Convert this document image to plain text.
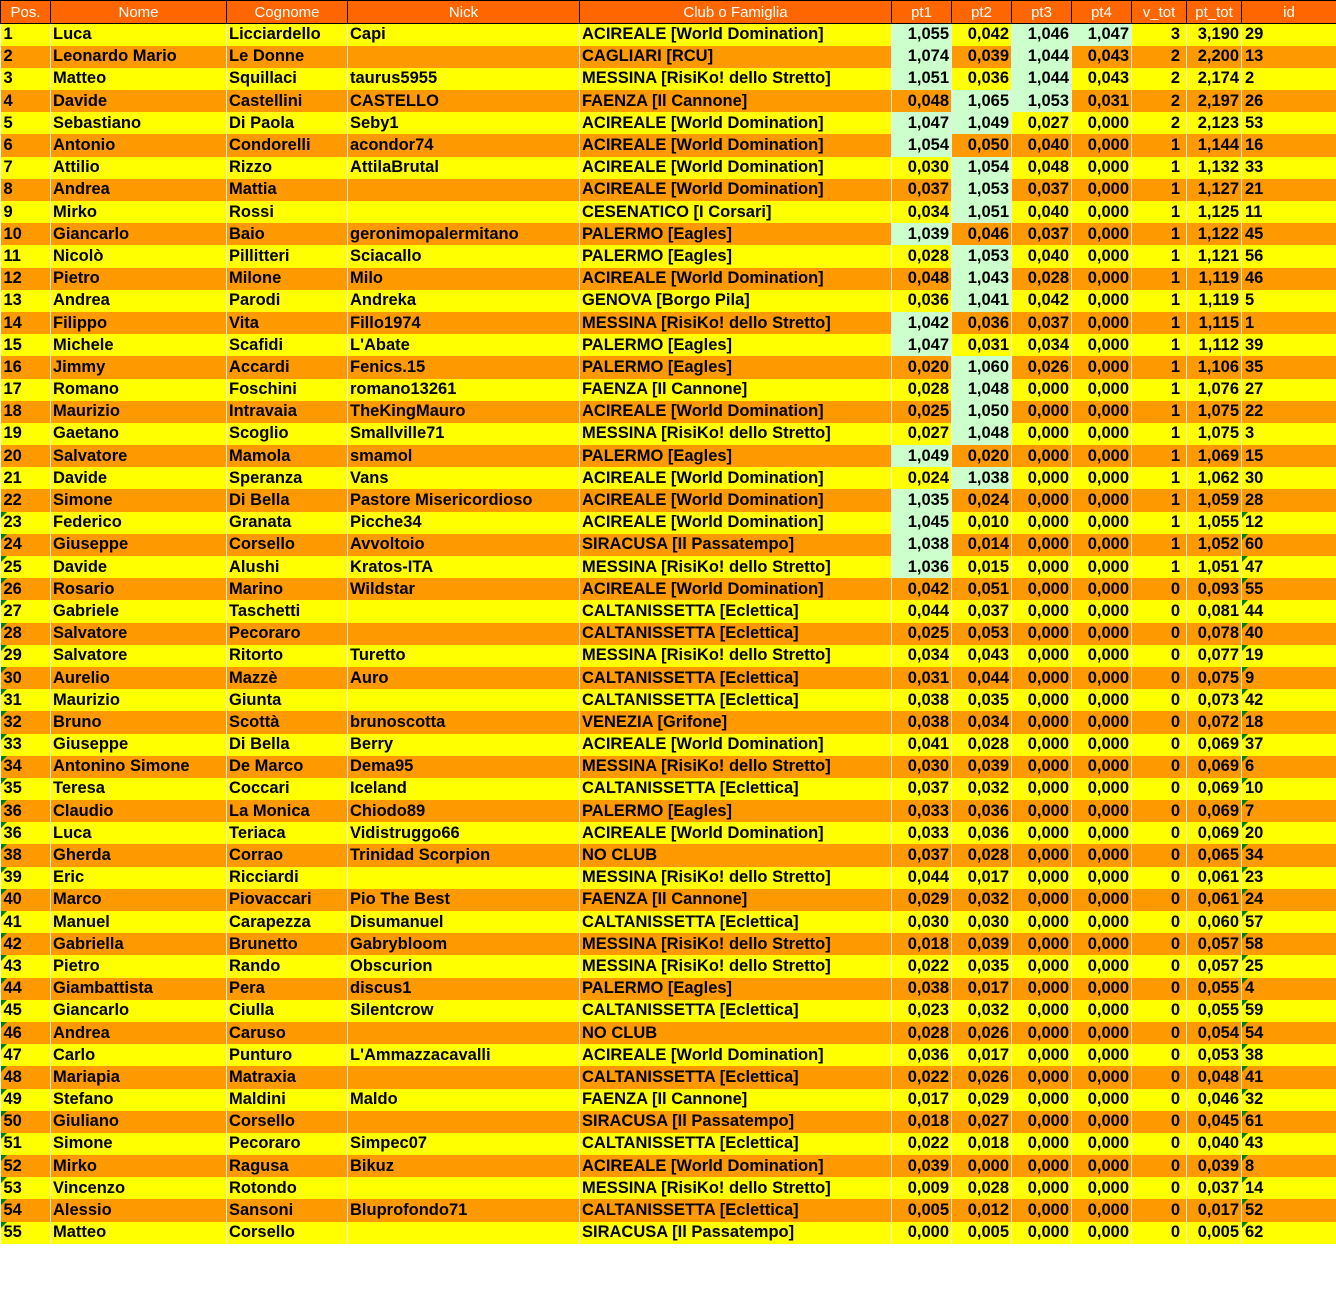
Pos.	Nome	Cognome	Nick	Club o Famiglia	pt1	pt2	pt3	pt4	v_tot	pt_tot	id
1	Luca	Licciardello	Capi	ACIREALE [World Domination]	1,055	0,042	1,046	1,047	3	3,190	29
2	Leonardo Mario	Le Donne		CAGLIARI [RCU]	1,074	0,039	1,044	0,043	2	2,200	13
3	Matteo	Squillaci	taurus5955	MESSINA [RisiKo! dello Stretto]	1,051	0,036	1,044	0,043	2	2,174	2
4	Davide	Castellini	CASTELLO	FAENZA [Il Cannone]	0,048	1,065	1,053	0,031	2	2,197	26
5	Sebastiano	Di Paola	Seby1	ACIREALE [World Domination]	1,047	1,049	0,027	0,000	2	2,123	53
6	Antonio	Condorelli	acondor74	ACIREALE [World Domination]	1,054	0,050	0,040	0,000	1	1,144	16
7	Attilio	Rizzo	AttilaBrutal	ACIREALE [World Domination]	0,030	1,054	0,048	0,000	1	1,132	33
8	Andrea	Mattia		ACIREALE [World Domination]	0,037	1,053	0,037	0,000	1	1,127	21
9	Mirko	Rossi		CESENATICO [I Corsari]	0,034	1,051	0,040	0,000	1	1,125	11
10	Giancarlo	Baio	geronimopalermitano	PALERMO [Eagles]	1,039	0,046	0,037	0,000	1	1,122	45
11	Nicolò	Pillitteri	Sciacallo	PALERMO [Eagles]	0,028	1,053	0,040	0,000	1	1,121	56
12	Pietro	Milone	Milo	ACIREALE [World Domination]	0,048	1,043	0,028	0,000	1	1,119	46
13	Andrea	Parodi	Andreka	GENOVA [Borgo Pila]	0,036	1,041	0,042	0,000	1	1,119	5
14	Filippo	Vita	Fillo1974	MESSINA [RisiKo! dello Stretto]	1,042	0,036	0,037	0,000	1	1,115	1
15	Michele	Scafidi	L'Abate	PALERMO [Eagles]	1,047	0,031	0,034	0,000	1	1,112	39
16	Jimmy	Accardi	Fenics.15	PALERMO [Eagles]	0,020	1,060	0,026	0,000	1	1,106	35
17	Romano	Foschini	romano13261	FAENZA [Il Cannone]	0,028	1,048	0,000	0,000	1	1,076	27
18	Maurizio	Intravaia	TheKingMauro	ACIREALE [World Domination]	0,025	1,050	0,000	0,000	1	1,075	22
19	Gaetano	Scoglio	Smallville71	MESSINA [RisiKo! dello Stretto]	0,027	1,048	0,000	0,000	1	1,075	3
20	Salvatore	Mamola	smamol	PALERMO [Eagles]	1,049	0,020	0,000	0,000	1	1,069	15
21	Davide	Speranza	Vans	ACIREALE [World Domination]	0,024	1,038	0,000	0,000	1	1,062	30
22	Simone	Di Bella	Pastore Misericordioso	ACIREALE [World Domination]	1,035	0,024	0,000	0,000	1	1,059	28
23	Federico	Granata	Picche34	ACIREALE [World Domination]	1,045	0,010	0,000	0,000	1	1,055	12
24	Giuseppe	Corsello	Avvoltoio	SIRACUSA [Il Passatempo]	1,038	0,014	0,000	0,000	1	1,052	60
25	Davide	Alushi	Kratos-ITA	MESSINA [RisiKo! dello Stretto]	1,036	0,015	0,000	0,000	1	1,051	47
26	Rosario	Marino	Wildstar	ACIREALE [World Domination]	0,042	0,051	0,000	0,000	0	0,093	55
27	Gabriele	Taschetti		CALTANISSETTA [Eclettica]	0,044	0,037	0,000	0,000	0	0,081	44
28	Salvatore	Pecoraro		CALTANISSETTA [Eclettica]	0,025	0,053	0,000	0,000	0	0,078	40
29	Salvatore	Ritorto	Turetto	MESSINA [RisiKo! dello Stretto]	0,034	0,043	0,000	0,000	0	0,077	19
30	Aurelio	Mazzè	Auro	CALTANISSETTA [Eclettica]	0,031	0,044	0,000	0,000	0	0,075	9
31	Maurizio	Giunta		CALTANISSETTA [Eclettica]	0,038	0,035	0,000	0,000	0	0,073	42
32	Bruno	Scottà	brunoscotta	VENEZIA [Grifone]	0,038	0,034	0,000	0,000	0	0,072	18
33	Giuseppe	Di Bella	Berry	ACIREALE [World Domination]	0,041	0,028	0,000	0,000	0	0,069	37
34	Antonino Simone	De Marco	Dema95	MESSINA [RisiKo! dello Stretto]	0,030	0,039	0,000	0,000	0	0,069	6
35	Teresa	Coccari	Iceland	CALTANISSETTA [Eclettica]	0,037	0,032	0,000	0,000	0	0,069	10
36	Claudio	La Monica	Chiodo89	PALERMO [Eagles]	0,033	0,036	0,000	0,000	0	0,069	7
36	Luca	Teriaca	Vidistruggo66	ACIREALE [World Domination]	0,033	0,036	0,000	0,000	0	0,069	20
38	Gherda	Corrao	Trinidad Scorpion	NO CLUB	0,037	0,028	0,000	0,000	0	0,065	34
39	Eric	Ricciardi		MESSINA [RisiKo! dello Stretto]	0,044	0,017	0,000	0,000	0	0,061	23
40	Marco	Piovaccari	Pio The Best	FAENZA [Il Cannone]	0,029	0,032	0,000	0,000	0	0,061	24
41	Manuel	Carapezza	Disumanuel	CALTANISSETTA [Eclettica]	0,030	0,030	0,000	0,000	0	0,060	57
42	Gabriella	Brunetto	Gabrybloom	MESSINA [RisiKo! dello Stretto]	0,018	0,039	0,000	0,000	0	0,057	58
43	Pietro	Rando	Obscurion	MESSINA [RisiKo! dello Stretto]	0,022	0,035	0,000	0,000	0	0,057	25
44	Giambattista	Pera	discus1	PALERMO [Eagles]	0,038	0,017	0,000	0,000	0	0,055	4
45	Giancarlo	Ciulla	Silentcrow	CALTANISSETTA [Eclettica]	0,023	0,032	0,000	0,000	0	0,055	59
46	Andrea	Caruso		NO CLUB	0,028	0,026	0,000	0,000	0	0,054	54
47	Carlo	Punturo	L'Ammazzacavalli	ACIREALE [World Domination]	0,036	0,017	0,000	0,000	0	0,053	38
48	Mariapia	Matraxia		CALTANISSETTA [Eclettica]	0,022	0,026	0,000	0,000	0	0,048	41
49	Stefano	Maldini	Maldo	FAENZA [Il Cannone]	0,017	0,029	0,000	0,000	0	0,046	32
50	Giuliano	Corsello		SIRACUSA [Il Passatempo]	0,018	0,027	0,000	0,000	0	0,045	61
51	Simone	Pecoraro	Simpec07	CALTANISSETTA [Eclettica]	0,022	0,018	0,000	0,000	0	0,040	43
52	Mirko	Ragusa	Bikuz	ACIREALE [World Domination]	0,039	0,000	0,000	0,000	0	0,039	8
53	Vincenzo	Rotondo		MESSINA [RisiKo! dello Stretto]	0,009	0,028	0,000	0,000	0	0,037	14
54	Alessio	Sansoni	Bluprofondo71	CALTANISSETTA [Eclettica]	0,005	0,012	0,000	0,000	0	0,017	52
55	Matteo	Corsello		SIRACUSA [Il Passatempo]	0,000	0,005	0,000	0,000	0	0,005	62
